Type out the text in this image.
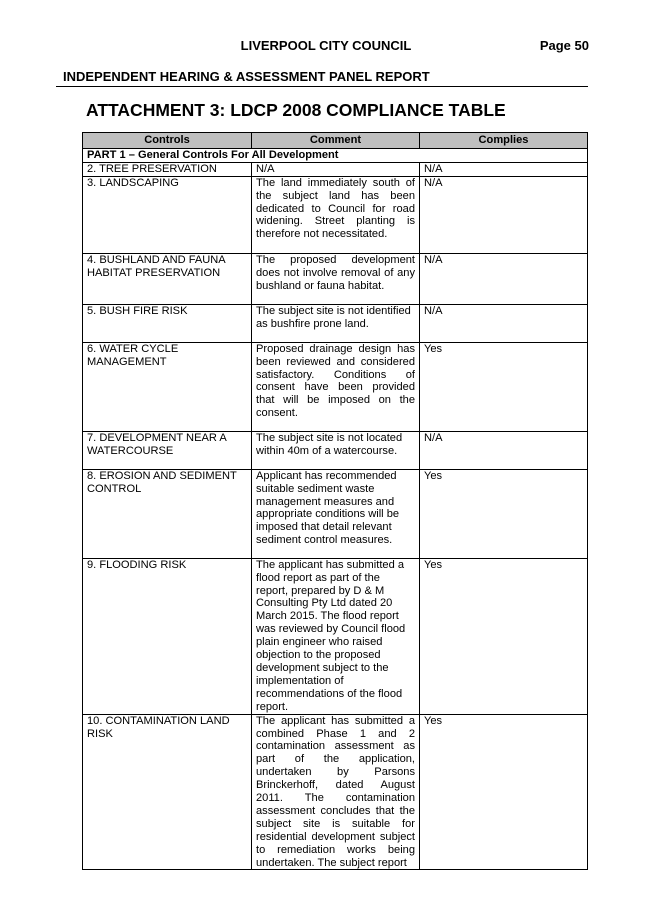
LIVERPOOL CITY COUNCIL	Page 50
INDEPENDENT HEARING & ASSESSMENT PANEL REPORT
ATTACHMENT 3: LDCP 2008 COMPLIANCE TABLE
Controls	Comment	Complies
PART 1 – General Controls For All Development		
2. TREE PRESERVATION	N/A	N/A
3. LANDSCAPING	The land immediately south of the subject land has been dedicated to Council for road widening. Street planting is therefore not necessitated.	N/A
4. BUSHLAND AND FAUNA HABITAT PRESERVATION	The proposed development does not involve removal of any bushland or fauna habitat.	N/A
5. BUSH FIRE RISK	The subject site is not identified as bushfire prone land.	N/A
6. WATER CYCLE MANAGEMENT	Proposed drainage design has been reviewed and considered satisfactory. Conditions of consent have been provided that will be imposed on the consent.	Yes
7. DEVELOPMENT NEAR A WATERCOURSE	The subject site is not located within 40m of a watercourse.	N/A
8. EROSION AND SEDIMENT CONTROL	Applicant has recommended suitable sediment waste management measures and appropriate conditions will be imposed that detail relevant sediment control measures.	Yes
9. FLOODING RISK	The applicant has submitted a flood report as part of the report, prepared by D & M Consulting Pty Ltd dated 20 March 2015. The flood report was reviewed by Council flood plain engineer who raised objection to the proposed development subject to the implementation of recommendations of the flood report.	Yes
10. CONTAMINATION LAND RISK	The applicant has submitted a combined Phase 1 and 2 contamination assessment as part of the application, undertaken by Parsons Brinckerhoff, dated August 2011. The contamination assessment concludes that the subject site is suitable for residential development subject to remediation works being undertaken. The subject report	Yes
